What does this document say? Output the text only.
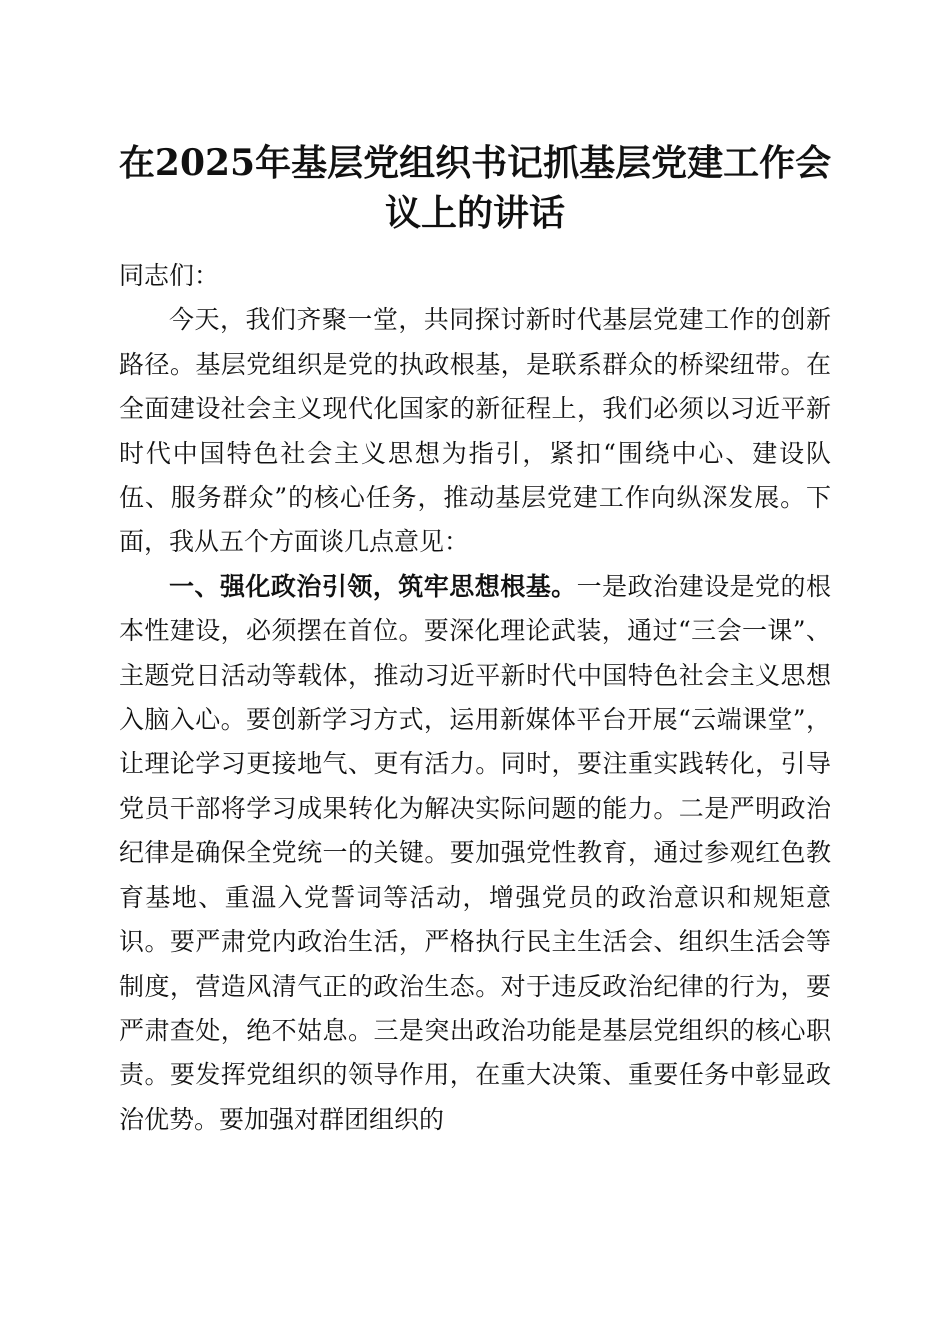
在2025年基层党组织书记抓基层党建工作会
议上的讲话

同志们：

今天，我们齐聚一堂，共同探讨新时代基层党建工作的创新路径。基层党组织是党的执政根基，是联系群众的桥梁纽带。在全面建设社会主义现代化国家的新征程上，我们必须以习近平新时代中国特色社会主义思想为指引，紧扣“围绕中心、建设队伍、服务群众”的核心任务，推动基层党建工作向纵深发展。下面，我从五个方面谈几点意见：

一、强化政治引领，筑牢思想根基。一是政治建设是党的根本性建设，必须摆在首位。要深化理论武装，通过“三会一课”、主题党日活动等载体，推动习近平新时代中国特色社会主义思想入脑入心。要创新学习方式，运用新媒体平台开展“云端课堂”，让理论学习更接地气、更有活力。同时，要注重实践转化，引导党员干部将学习成果转化为解决实际问题的能力。二是严明政治纪律是确保全党统一的关键。要加强党性教育，通过参观红色教育基地、重温入党誓词等活动，增强党员的政治意识和规矩意识。要严肃党内政治生活，严格执行民主生活会、组织生活会等制度，营造风清气正的政治生态。对于违反政治纪律的行为，要严肃查处，绝不姑息。三是突出政治功能是基层党组织的核心职责。要发挥党组织的领导作用，在重大决策、重要任务中彰显政治优势。要加强对群团组织的
